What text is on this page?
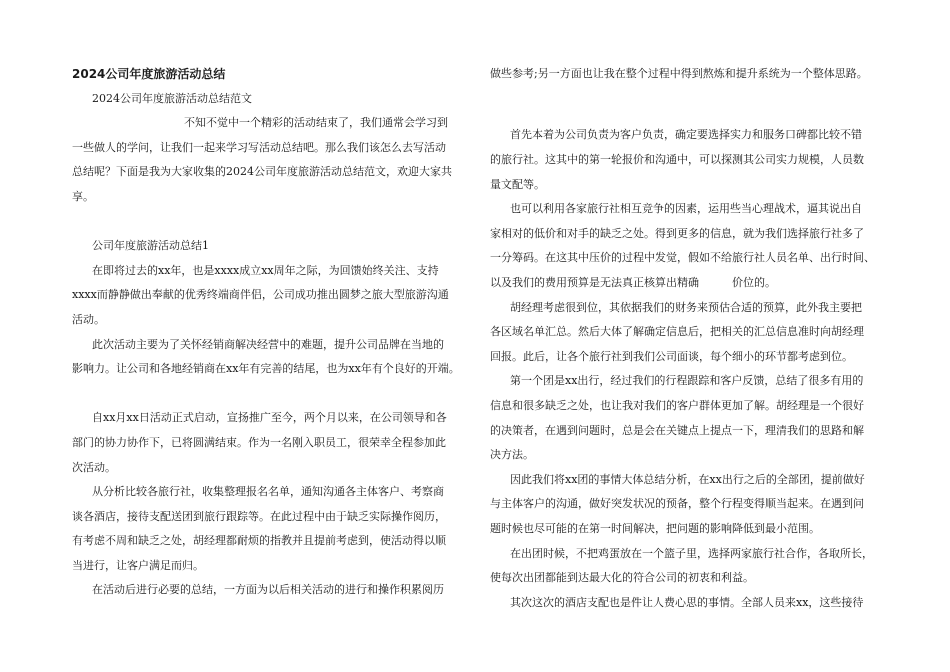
2024公司年度旅游活动总结
2024公司年度旅游活动总结范文
不知不觉中一个精彩的活动结束了，我们通常会学习到
一些做人的学问，让我们一起来学习写活动总结吧。那么我们该怎么去写活动
总结呢？下面是我为大家收集的2024公司年度旅游活动总结范文，欢迎大家共
享。
公司年度旅游活动总结1
在即将过去的xx年，也是xxxx成立xx周年之际，为回馈始终关注、支持
xxxx而静静做出奉献的优秀终端商伴侣，公司成功推出圆梦之旅大型旅游沟通
活动。
此次活动主要为了关怀经销商解决经营中的难题，提升公司品牌在当地的
影响力。让公司和各地经销商在xx年有完善的结尾，也为xx年有个良好的开端。
自xx月xx日活动正式启动，宣扬推广至今，两个月以来，在公司领导和各
部门的协力协作下，已将圆满结束。作为一名刚入职员工，很荣幸全程参加此
次活动。
从分析比较各旅行社，收集整理报名名单，通知沟通各主体客户、考察商
谈各酒店，接待支配送团到旅行跟踪等。在此过程中由于缺乏实际操作阅历，
有考虑不周和缺乏之处，胡经理都耐烦的指教并且提前考虑到，使活动得以顺
当进行，让客户满足而归。
在活动后进行必要的总结，一方面为以后相关活动的进行和操作积累阅历
做些参考;另一方面也让我在整个过程中得到熬炼和提升系统为一个整体思路。
首先本着为公司负责为客户负责，确定要选择实力和服务口碑都比较不错
的旅行社。这其中的第一轮报价和沟通中，可以探测其公司实力规模，人员数
量文配等。
也可以利用各家旅行社相互竞争的因素，运用些当心理战术，逼其说出自
家相对的低价和对手的缺乏之处。得到更多的信息，就为我们选择旅行社多了
一分筹码。在这其中压价的过程中发觉，假如不给旅行社人员名单、出行时间、
以及我们的费用预算是无法真正核算出精确　　　价位的。
胡经理考虑很到位，其依据我们的财务来预估合适的预算，此外我主要把
各区域名单汇总。然后大体了解确定信息后，把相关的汇总信息准时向胡经理
回报。此后，让各个旅行社到我们公司面谈，每个细小的环节都考虑到位。
第一个团是xx出行，经过我们的行程跟踪和客户反馈，总结了很多有用的
信息和很多缺乏之处，也让我对我们的客户群体更加了解。胡经理是一个很好
的决策者，在遇到问题时，总是会在关键点上提点一下，理清我们的思路和解
决方法。
因此我们将xx团的事情大体总结分析，在xx出行之后的全部团，提前做好
与主体客户的沟通，做好突发状况的预备，整个行程变得顺当起来。在遇到问
题时候也尽可能的在第一时间解决，把问题的影响降低到最小范围。
在出团时候，不把鸡蛋放在一个篮子里，选择两家旅行社合作，各取所长，
使每次出团都能到达最大化的符合公司的初衷和利益。
其次这次的酒店支配也是件让人费心思的事情。全部人员来xx，这些接待
